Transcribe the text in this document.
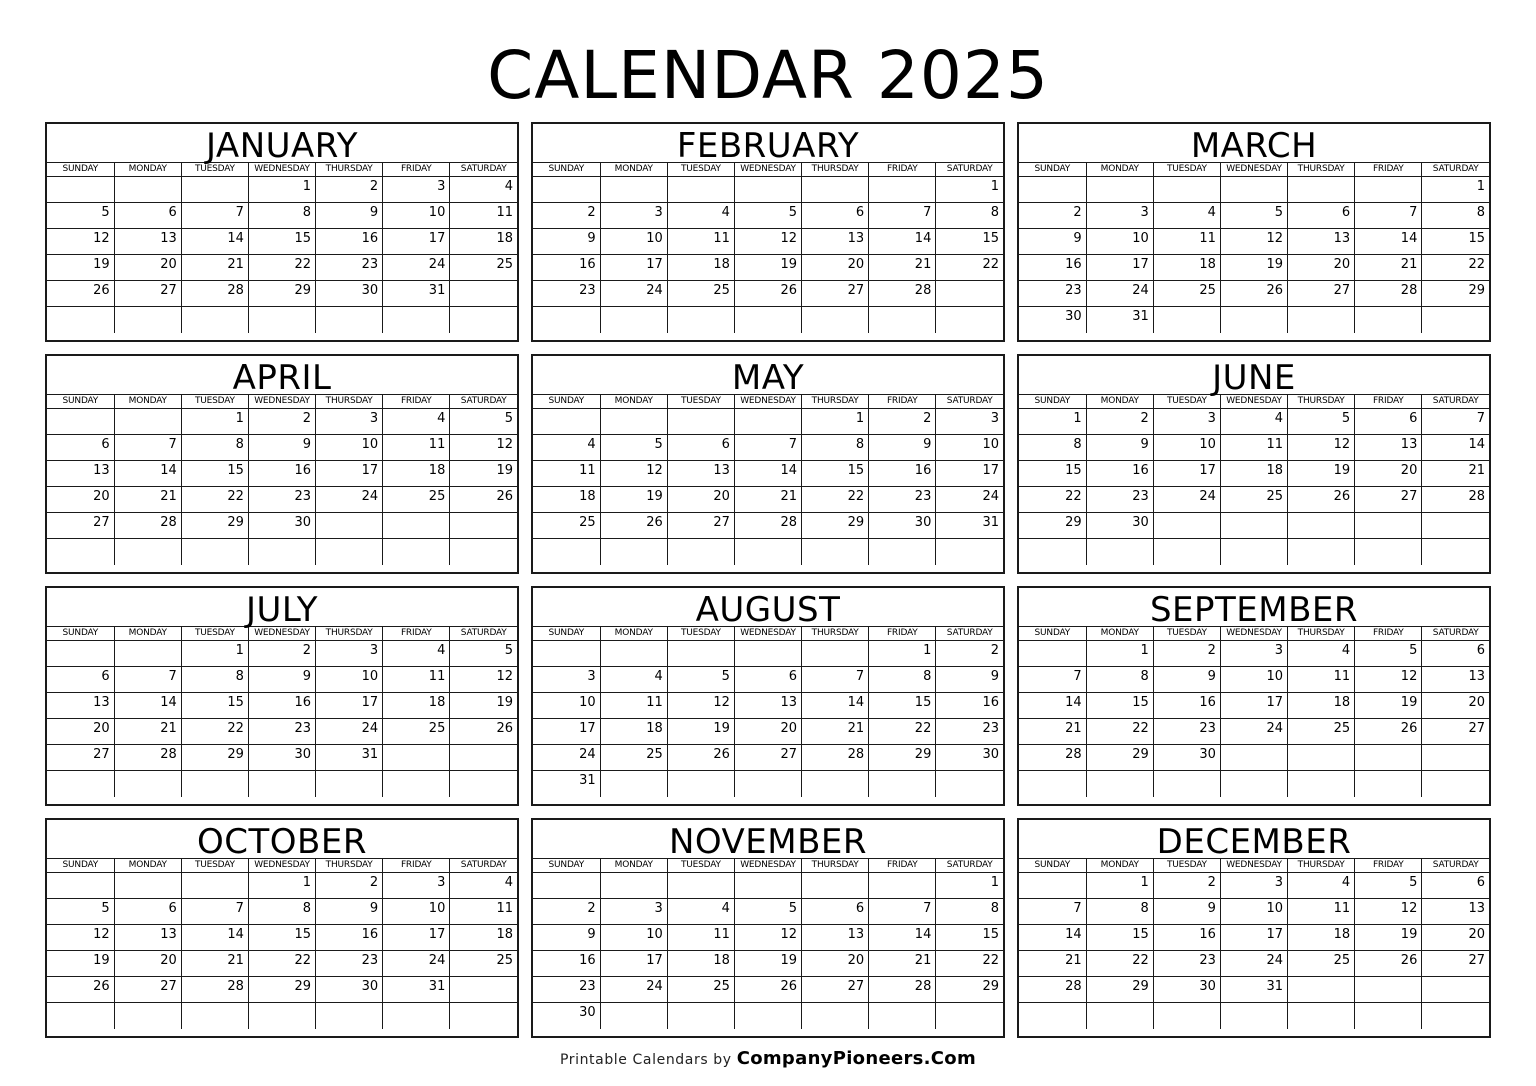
CALENDAR 2025
JANUARY
SUNDAY	MONDAY	TUESDAY	WEDNESDAY	THURSDAY	FRIDAY	SATURDAY
			1	2	3	4
5	6	7	8	9	10	11
12	13	14	15	16	17	18
19	20	21	22	23	24	25
26	27	28	29	30	31	

FEBRUARY
SUNDAY	MONDAY	TUESDAY	WEDNESDAY	THURSDAY	FRIDAY	SATURDAY
						1
2	3	4	5	6	7	8
9	10	11	12	13	14	15
16	17	18	19	20	21	22
23	24	25	26	27	28	

MARCH
SUNDAY	MONDAY	TUESDAY	WEDNESDAY	THURSDAY	FRIDAY	SATURDAY
						1
2	3	4	5	6	7	8
9	10	11	12	13	14	15
16	17	18	19	20	21	22
23	24	25	26	27	28	29
30	31					
APRIL
SUNDAY	MONDAY	TUESDAY	WEDNESDAY	THURSDAY	FRIDAY	SATURDAY
		1	2	3	4	5
6	7	8	9	10	11	12
13	14	15	16	17	18	19
20	21	22	23	24	25	26
27	28	29	30			

MAY
SUNDAY	MONDAY	TUESDAY	WEDNESDAY	THURSDAY	FRIDAY	SATURDAY
				1	2	3
4	5	6	7	8	9	10
11	12	13	14	15	16	17
18	19	20	21	22	23	24
25	26	27	28	29	30	31

JUNE
SUNDAY	MONDAY	TUESDAY	WEDNESDAY	THURSDAY	FRIDAY	SATURDAY
1	2	3	4	5	6	7
8	9	10	11	12	13	14
15	16	17	18	19	20	21
22	23	24	25	26	27	28
29	30					

JULY
SUNDAY	MONDAY	TUESDAY	WEDNESDAY	THURSDAY	FRIDAY	SATURDAY
		1	2	3	4	5
6	7	8	9	10	11	12
13	14	15	16	17	18	19
20	21	22	23	24	25	26
27	28	29	30	31		

AUGUST
SUNDAY	MONDAY	TUESDAY	WEDNESDAY	THURSDAY	FRIDAY	SATURDAY
					1	2
3	4	5	6	7	8	9
10	11	12	13	14	15	16
17	18	19	20	21	22	23
24	25	26	27	28	29	30
31						
SEPTEMBER
SUNDAY	MONDAY	TUESDAY	WEDNESDAY	THURSDAY	FRIDAY	SATURDAY
	1	2	3	4	5	6
7	8	9	10	11	12	13
14	15	16	17	18	19	20
21	22	23	24	25	26	27
28	29	30				

OCTOBER
SUNDAY	MONDAY	TUESDAY	WEDNESDAY	THURSDAY	FRIDAY	SATURDAY
			1	2	3	4
5	6	7	8	9	10	11
12	13	14	15	16	17	18
19	20	21	22	23	24	25
26	27	28	29	30	31	

NOVEMBER
SUNDAY	MONDAY	TUESDAY	WEDNESDAY	THURSDAY	FRIDAY	SATURDAY
						1
2	3	4	5	6	7	8
9	10	11	12	13	14	15
16	17	18	19	20	21	22
23	24	25	26	27	28	29
30						
DECEMBER
SUNDAY	MONDAY	TUESDAY	WEDNESDAY	THURSDAY	FRIDAY	SATURDAY
	1	2	3	4	5	6
7	8	9	10	11	12	13
14	15	16	17	18	19	20
21	22	23	24	25	26	27
28	29	30	31			

Printable Calendars by CompanyPioneers.Com
